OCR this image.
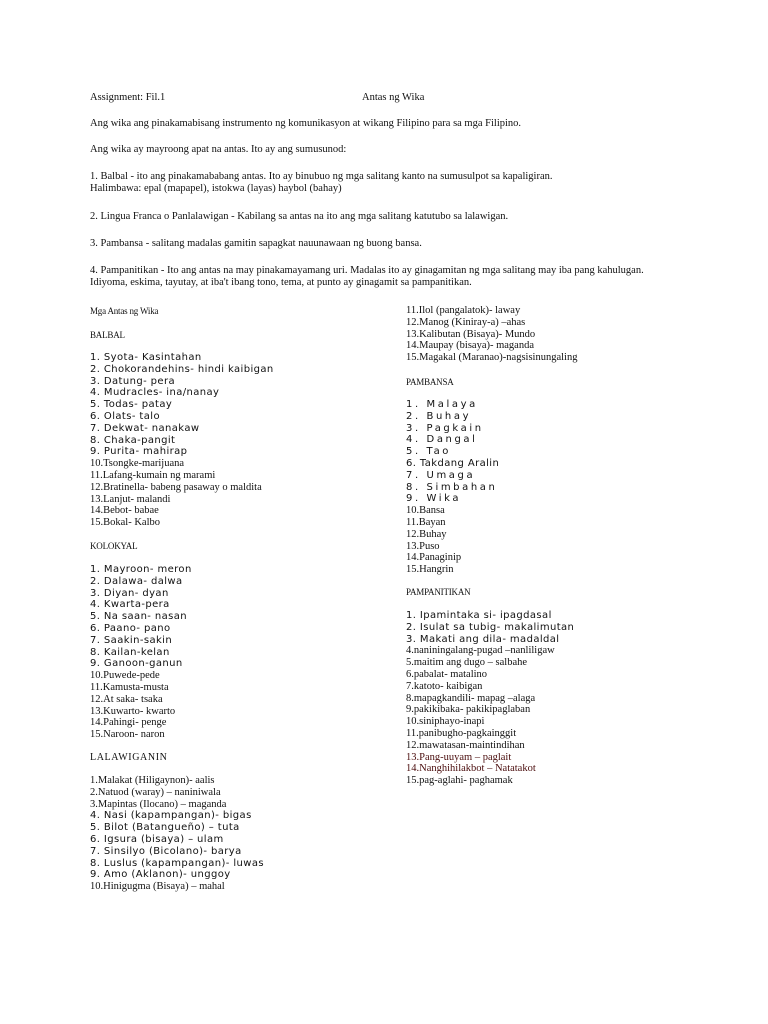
Assignment: Fil.1	Antas ng Wika
Ang wika ang pinakamabisang instrumento ng komunikasyon at wikang Filipino para sa mga Filipino.
Ang wika ay mayroong apat na antas. Ito ay ang sumusunod:
1. Balbal - ito ang pinakamababang antas. Ito ay binubuo ng mga salitang kanto na sumusulpot sa kapaligiran.
Halimbawa: epal (mapapel), istokwa (layas) haybol (bahay)
2. Lingua Franca o Panlalawigan - Kabilang sa antas na ito ang mga salitang katutubo sa lalawigan.
3. Pambansa - salitang madalas gamitin sapagkat nauunawaan ng buong bansa.
4. Pampanitikan - Ito ang antas na may pinakamayamang uri. Madalas ito ay ginagamitan ng mga salitang may iba pang kahulugan.
Idiyoma, eskima, tayutay, at iba't ibang tono, tema, at punto ay ginagamit sa pampanitikan.
Mga Antas ng Wika
BALBAL
1. Syota- Kasintahan
2. Chokorandehins- hindi kaibigan
3. Datung- pera
4. Mudracles- ina/nanay
5. Todas- patay
6. Olats- talo
7. Dekwat- nanakaw
8. Chaka-pangit
9. Purita- mahirap
10.Tsongke-marijuana
11.Lafang-kumain ng marami
12.Bratinella- babeng pasaway o maldita
13.Lanjut- malandi
14.Bebot- babae
15.Bokal- Kalbo
KOLOKYAL
1. Mayroon- meron
2. Dalawa- dalwa
3. Diyan- dyan
4. Kwarta-pera
5. Na saan- nasan
6. Paano- pano
7. Saakin-sakin
8. Kailan-kelan
9. Ganoon-ganun
10.Puwede-pede
11.Kamusta-musta
12.At saka- tsaka
13.Kuwarto- kwarto
14.Pahingi- penge
15.Naroon- naron
LALAWIGANIN
1.Malakat (Hiligaynon)- aalis
2.Natuod (waray) – naniniwala
3.Mapintas (Ilocano) – maganda
4. Nasi (kapampangan)- bigas
5. Bilot (Batangueño) – tuta
6. Igsura (bisaya) – ulam
7. Sinsilyo (Bicolano)- barya
8. Luslus (kapampangan)- luwas
9. Amo (Aklanon)- unggoy
10.Hinigugma (Bisaya) – mahal
11.Ilol (pangalatok)- laway
12.Manog (Kiniray-a) –ahas
13.Kalibutan (Bisaya)- Mundo
14.Maupay (bisaya)- maganda
15.Magakal (Maranao)-nagsisinungaling
PAMBANSA
1. Malaya
2. Buhay
3. Pagkain
4. Dangal
5. Tao
6. Takdang Aralin
7. Umaga
8. Simbahan
9. Wika
10.Bansa
11.Bayan
12.Buhay
13.Puso
14.Panaginip
15.Hangrin
PAMPANITIKAN
1. Ipamintaka si- ipagdasal
2. Isulat sa tubig- makalimutan
3. Makati ang dila- madaldal
4.naniningalang-pugad –nanliligaw
5.maitim ang dugo – salbahe
6.pabalat- matalino
7.katoto- kaibigan
8.mapagkandili- mapag –alaga
9.pakikibaka- pakikipaglaban
10.siniphayo-inapi
11.panibugho-pagkainggit
12.mawatasan-maintindihan
13.Pang-uuyam – paglait
14.Nanghihilakbot – Natatakot
15.pag-aglahi- paghamak
